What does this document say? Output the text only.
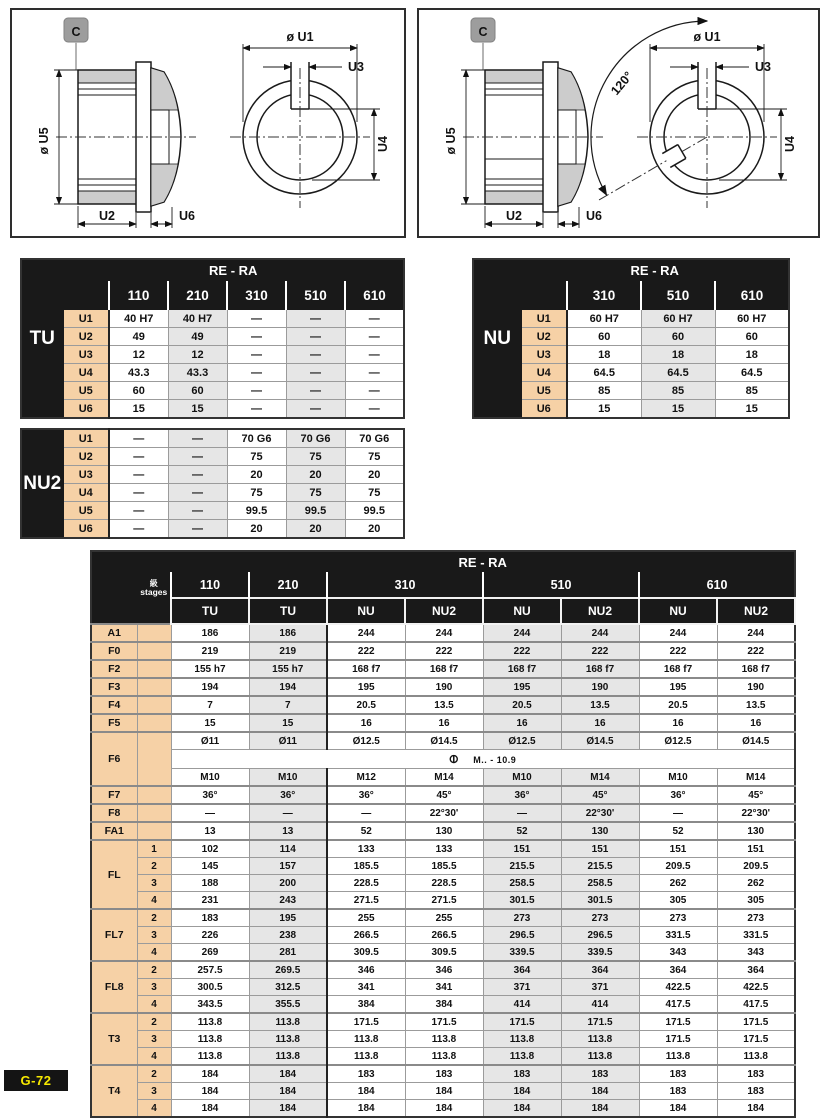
C
ø U5
U2	U6
ø U1
U3
U4
C
ø U5
U2	U6
120°
ø U1
U3
U4
TU	RE - RA					
		110	210	310	510	610
	U1	40 H7	40 H7	—	—	—
	U2	49	49	—	—	—
	U3	12	12	—	—	—
	U4	43.3	43.3	—	—	—
	U5	60	60	—	—	—
	U6	15	15	—	—	—
NU	RE - RA			
		310	510	610
	U1	60 H7	60 H7	60 H7
	U2	60	60	60
	U3	18	18	18
	U4	64.5	64.5	64.5
	U5	85	85	85
	U6	15	15	15
NU2	U1	—	—	70 G6	70 G6	70 G6
	U2	—	—	75	75	75
	U3	—	—	20	20	20
	U4	—	—	75	75	75
	U5	—	—	99.5	99.5	99.5
	U6	—	—	20	20	20

	級
stages	RE - RA							
		110	210	310		510		610	
		TU	TU	NU	NU2	NU	NU2	NU	NU2
A1		186	186	244	244	244	244	244	244
F0		219	219	222	222	222	222	222	222
F2		155 h7	155 h7	168 f7	168 f7	168 f7	168 f7	168 f7	168 f7
F3		194	194	195	190	195	190	195	190
F4		7	7	20.5	13.5	20.5	13.5	20.5	13.5
F5		15	15	16	16	16	16	16	16
F6		Ø11	Ø11	Ø12.5	Ø14.5	Ø12.5	Ø14.5	Ø12.5	Ø14.5
		⊖ M.. - 10.9							
		M10	M10	M12	M14	M10	M14	M10	M14
F7		36°	36°	36°	45°	36°	45°	36°	45°
F8		—	—	—	22°30'	—	22°30'	—	22°30'
FA1		13	13	52	130	52	130	52	130
FL	1	102	114	133	133	151	151	151	151
	2	145	157	185.5	185.5	215.5	215.5	209.5	209.5
	3	188	200	228.5	228.5	258.5	258.5	262	262
	4	231	243	271.5	271.5	301.5	301.5	305	305
FL7	2	183	195	255	255	273	273	273	273
	3	226	238	266.5	266.5	296.5	296.5	331.5	331.5
	4	269	281	309.5	309.5	339.5	339.5	343	343
FL8	2	257.5	269.5	346	346	364	364	364	364
	3	300.5	312.5	341	341	371	371	422.5	422.5
	4	343.5	355.5	384	384	414	414	417.5	417.5
T3	2	113.8	113.8	171.5	171.5	171.5	171.5	171.5	171.5
	3	113.8	113.8	113.8	113.8	113.8	113.8	171.5	171.5
	4	113.8	113.8	113.8	113.8	113.8	113.8	113.8	113.8
T4	2	184	184	183	183	183	183	183	183
	3	184	184	184	184	184	184	183	183
	4	184	184	184	184	184	184	184	184
G-72
